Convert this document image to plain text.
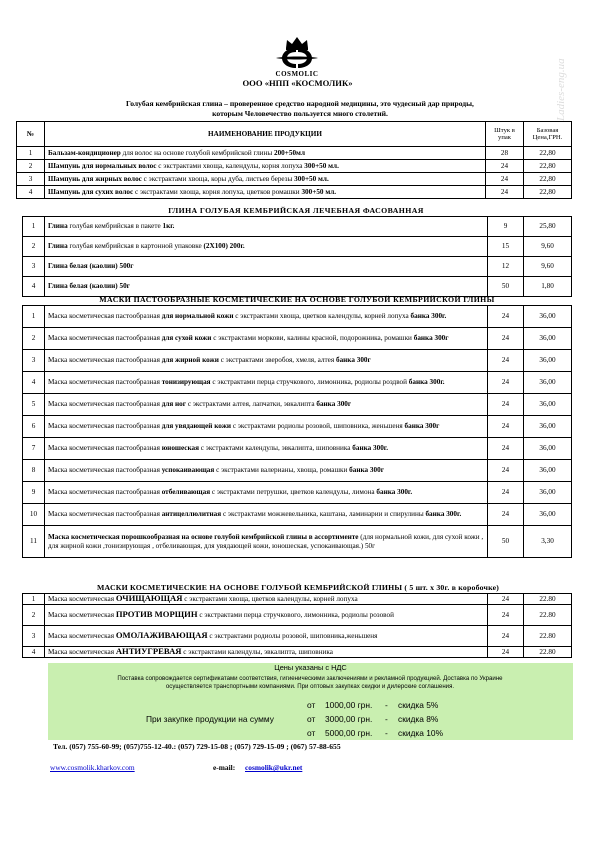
Ladies-eng.ua
COSMOLIC
ООО «НПП «КОСМОЛИК»
Голубая кембрийская глина – проверенное средство народной медицины, это чудесный дар природы,
которым Человечество пользуется много столетий.
№	НАИМЕНОВАНИЕ ПРОДУКЦИИ	Штук в упак	Базовая Цена,ГРН.
1	Бальзам-кондиционер для волос на основе голубой кембрийской глины 200+50мл	28	22,80
2	Шампунь для нормальных волос с экстрактами хвоща, календулы, корня лопуха 300+50 мл.	24	22,80
3	Шампунь для жирных волос с экстрактами хвоща, коры дуба, листьев березы 300+50 мл.	24	22,80
4	Шампунь для сухих волос с экстрактами хвоща, корня лопуха, цветков ромашки 300+50 мл.	24	22,80
ГЛИНА ГОЛУБАЯ КЕМБРИЙСКАЯ ЛЕЧЕБНАЯ ФАСОВАННАЯ
1	Глина голубая кембрийская в пакете 1кг.	9	25,80
2	Глина голубая кембрийская в картонной упаковке (2Х100) 200г.	15	9,60
3	Глина белая (каолин) 500г	12	9,60
4	Глина белая (каолин) 50г	50	1,80
МАСКИ ПАСТООБРАЗНЫЕ КОСМЕТИЧЕСКИЕ НА ОСНОВЕ ГОЛУБОЙ КЕМБРИЙСКОЙ ГЛИНЫ
1	Маска косметическая пастообразная для нормальной кожи с экстрактами хвоща, цветков календулы, корней лопуха банка 300г.	24	36,00
2	Маска косметическая пастообразная для сухой кожи с экстрактами моркови, калины красной, подорожника, ромашки банка 300г	24	36,00
3	Маска косметическая пастообразная для жирной кожи с экстрактами зверобоя, хмеля, алтея банка 300г	24	36,00
4	Маска косметическая пастообразная тонизирующая с экстрактами перца стручкового, лимонника, родиолы роздвой банка 300г.	24	36,00
5	Маска косметическая пастообразная для ног с экстрактами алтея, лапчатки, эвкалипта банка 300г	24	36,00
6	Маска косметическая пастообразная для увядающей кожи с экстрактами родиолы розовой, шиповника, женьшеня банка 300г	24	36,00
7	Маска косметическая пастообразная юношеская с экстрактами календулы, эвкалипта, шиповника банка 300г.	24	36,00
8	Маска косметическая пастообразная успокаивающая с экстрактами валерианы, хвоща, ромашки банка 300г	24	36,00
9	Маска косметическая пастообразная отбеливающая с экстрактами петрушки, цветков календулы, лимона банка 300г.	24	36,00
10	Маска косметическая пастообразная антицеллюлитная с экстрактами можжевельника, каштана, ламинарии и спирулины банка 300г.	24	36,00
11	Маска косметическая порошкообразная на основе голубой кембрийской глины в ассортименте (для нормальной кожи, для сухой кожи , для жирной кожи ,тонизирующая , отбеливающая, для увядающей кожи, юношеская, успокаивающая.) 50г	50	3,30
МАСКИ КОСМЕТИЧЕСКИЕ НА ОСНОВЕ ГОЛУБОЙ КЕМБРИЙСКОЙ ГЛИНЫ ( 5 шт. х 30г. в коробочке)
1	Маска косметическая ОЧИЩАЮЩАЯ с экстрактами хвоща, цветков календулы, корней лопуха	24	22.80
2	Маска косметическая ПРОТИВ МОРЩИН с экстрактами перца стручкового, лимонника, родиолы розовой	24	22.80
3	Маска косметическая ОМОЛАЖИВАЮЩАЯ с экстрактами родиолы розовой, шиповника,женьшеня	24	22.80
4	Маска косметическая АНТИУГРЕВАЯ с экстрактами календулы, эвкалипта, шиповника	24	22.80
Цены указаны с НДС
Поставка сопровождается сертификатами соответствия, гигиеническими заключениями и рекламной продукцией. Доставка по Украине
осуществляется транспортными компаниями. При оптовых закупках скидки и дилерские соглашения.
При закупке продукции на сумму
от 1000,00 грн. - скидка 5%
от 3000,00 грн. - скидка 8%
от 5000,00 грн. - скидка 10%
Тел. (057) 755-60-99; (057)755-12-40.: (057) 729-15-08 ; (057) 729-15-09 ; (067) 57-88-655
www.cosmolik.kharkov.com	e-mail: cosmolik@ukr.net
